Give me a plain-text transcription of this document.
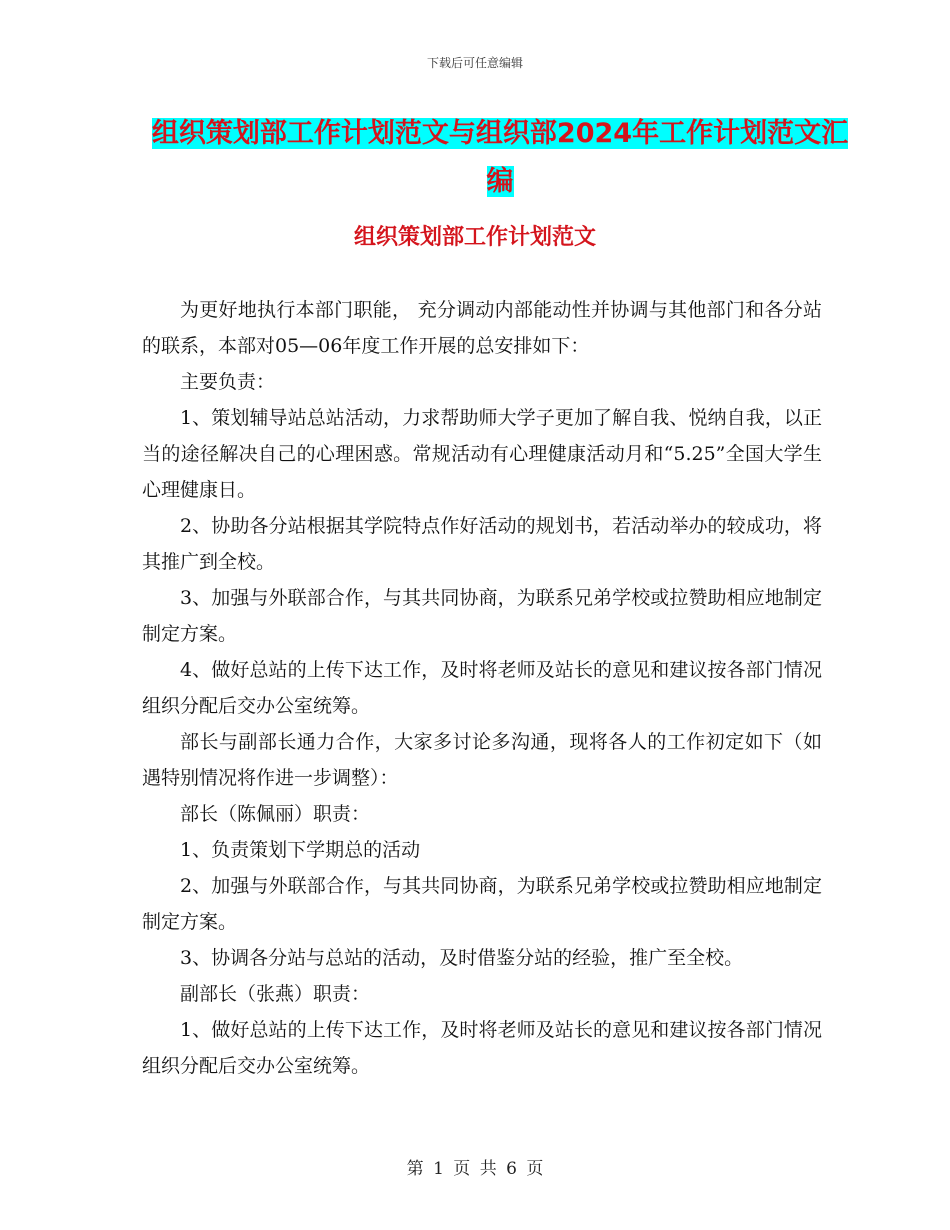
下载后可任意编辑
组织策划部工作计划范文与组织部2024年工作计划范文汇编
组织策划部工作计划范文

为更好地执行本部门职能， 充分调动内部能动性并协调与其他部门和各分站的联系，本部对05—06年度工作开展的总安排如下：

主要负责：

1、策划辅导站总站活动，力求帮助师大学子更加了解自我、悦纳自我，以正当的途径解决自己的心理困惑。常规活动有心理健康活动月和“5.25”全国大学生心理健康日。

2、协助各分站根据其学院特点作好活动的规划书，若活动举办的较成功，将其推广到全校。

3、加强与外联部合作，与其共同协商，为联系兄弟学校或拉赞助相应地制定制定方案。

4、做好总站的上传下达工作，及时将老师及站长的意见和建议按各部门情况组织分配后交办公室统筹。

部长与副部长通力合作，大家多讨论多沟通，现将各人的工作初定如下（如遇特别情况将作进一步调整）：

部长（陈佩丽）职责：

1、负责策划下学期总的活动

2、加强与外联部合作，与其共同协商，为联系兄弟学校或拉赞助相应地制定制定方案。

3、协调各分站与总站的活动，及时借鉴分站的经验，推广至全校。

副部长（张燕）职责：

1、做好总站的上传下达工作，及时将老师及站长的意见和建议按各部门情况组织分配后交办公室统筹。

第 1 页 共 6 页
